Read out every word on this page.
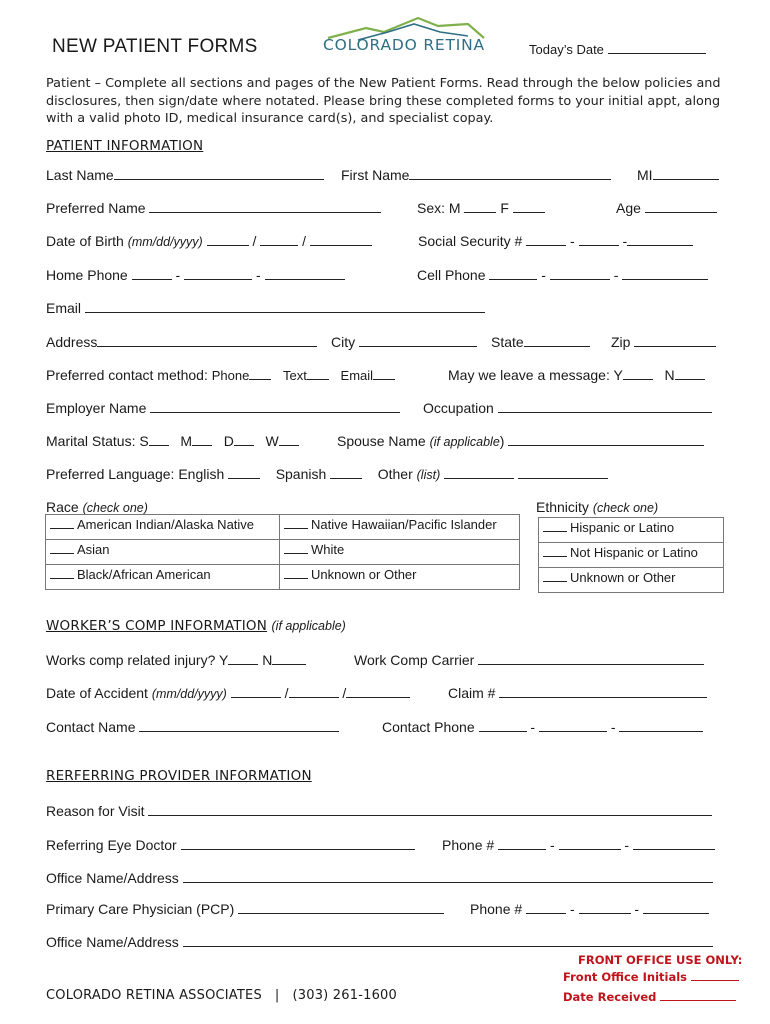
NEW PATIENT FORMS	COLORADO RETINA	Today’s Date
Patient – Complete all sections and pages of the New Patient Forms. Read through the below policies and disclosures, then sign/date where notated. Please bring these completed forms to your initial appt, along with a valid photo ID, medical insurance card(s), and specialist copay.
PATIENT INFORMATION
Last Name	First Name	MI
Preferred Name	Sex: M	F	Age
Date of Birth (mm/dd/yyyy)	/	/	Social Security #	-	-
Home Phone	-	-	Cell Phone	-	-
Email
Address	City	State	Zip
Preferred contact method: Phone	Text	Email	May we leave a message: Y	N
Employer Name	Occupation
Marital Status: S M D W	Spouse Name (if applicable)
Preferred Language: English	Spanish	Other (list)
Race (check one)
American Indian/Alaska Native	Native Hawaiian/Pacific Islander
Asian	White
Black/African American	Unknown or Other
Ethnicity (check one)
Hispanic or Latino
Not Hispanic or Latino
Unknown or Other
WORKER’S COMP INFORMATION (if applicable)
Works comp related injury? Y N	Work Comp Carrier
Date of Accident (mm/dd/yyyy)	/	/	Claim #
Contact Name	Contact Phone	-	-
RERFERRING PROVIDER INFORMATION
Reason for Visit
Referring Eye Doctor	Phone #	-	-
Office Name/Address
Primary Care Physician (PCP)	Phone #	-	-
Office Name/Address
FRONT OFFICE USE ONLY:
Front Office Initials
Date Received
COLORADO RETINA ASSOCIATES | (303) 261-1600
